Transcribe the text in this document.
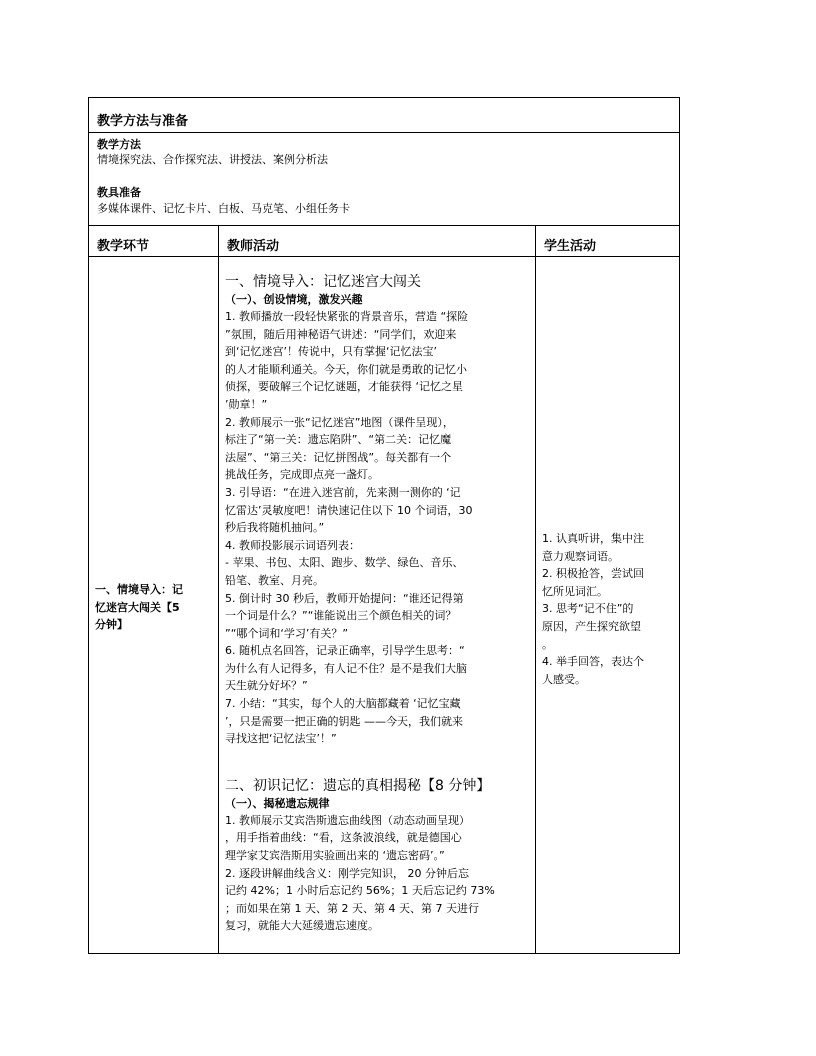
教学方法与准备
教学方法
情境探究法、合作探究法、讲授法、案例分析法
教具准备
多媒体课件、记忆卡片、白板、马克笔、小组任务卡
教学环节	教师活动	学生活动
一、情境导入：记
忆迷宫大闯关【5
分钟】

一、情境导入：记忆迷宫大闯关

（一）、创设情境，激发兴趣

1. 教师播放一段轻快紧张的背景音乐，营造 “探险
”氛围，随后用神秘语气讲述：“同学们，欢迎来
到‘记忆迷宫’！传说中，只有掌握‘记忆法宝’
的人才能顺利通关。今天，你们就是勇敢的记忆小
侦探，要破解三个记忆谜题，才能获得 ‘记忆之星
’勋章！”
2. 教师展示一张“记忆迷宫”地图（课件呈现），
标注了“第一关：遗忘陷阱”、“第二关：记忆魔
法屋”、“第三关：记忆拼图战”。每关都有一个
挑战任务，完成即点亮一盏灯。
3. 引导语：“在进入迷宫前，先来测一测你的 ‘记
忆雷达’灵敏度吧！请快速记住以下 10 个词语，30
秒后我将随机抽问。”
4. 教师投影展示词语列表：
- 苹果、书包、太阳、跑步、数学、绿色、音乐、
铅笔、教室、月亮。
5. 倒计时 30 秒后，教师开始提问：“谁还记得第
一个词是什么？”“谁能说出三个颜色相关的词？
”“哪个词和‘学习’有关？”
6. 随机点名回答，记录正确率，引导学生思考：“
为什么有人记得多，有人记不住？是不是我们大脑
天生就分好坏？”
7. 小结：“其实，每个人的大脑都藏着 ‘记忆宝藏
’，只是需要一把正确的钥匙 ——今天，我们就来
寻找这把‘记忆法宝’！”

二、初识记忆：遗忘的真相揭秘【8 分钟】

（一）、揭秘遗忘规律

1. 教师展示艾宾浩斯遗忘曲线图（动态动画呈现）
，用手指着曲线：“看，这条波浪线，就是德国心
理学家艾宾浩斯用实验画出来的 ‘遗忘密码’。”
2. 逐段讲解曲线含义：刚学完知识， 20 分钟后忘
记约 42%；1 小时后忘记约 56%；1 天后忘记约 73%
；而如果在第 1 天、第 2 天、第 4 天、第 7 天进行
复习，就能大大延缓遗忘速度。
1. 认真听讲，集中注
意力观察词语。
2. 积极抢答，尝试回
忆所见词汇。
3. 思考“记不住”的
原因，产生探究欲望
。
4. 举手回答，表达个
人感受。
